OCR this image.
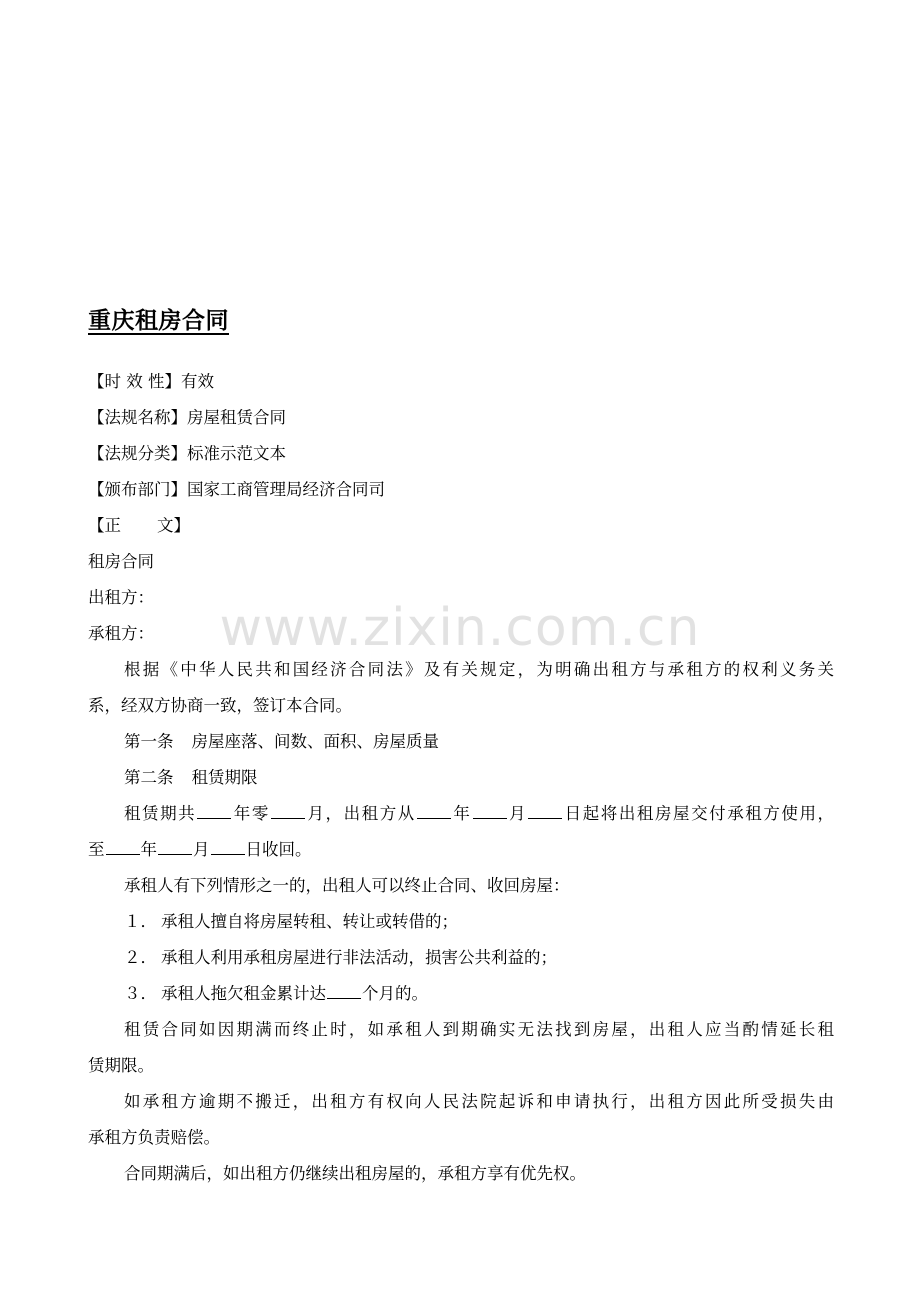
重庆租房合同
【时 效 性】有效
【法规名称】房屋租赁合同
【法规分类】标准示范文本
【颁布部门】国家工商管理局经济合同司
【正 文】
租房合同
出租方：
承租方：
根据《中华人民共和国经济合同法》及有关规定，为明确出租方与承租方的权利义务关
系，经双方协商一致，签订本合同。
第一条 房屋座落、间数、面积、房屋质量
第二条 租赁期限
租赁期共 年零 月，出租方从 年 月 日起将出租房屋交付承租方使用，
至 年 月 日收回。
承租人有下列情形之一的，出租人可以终止合同、收回房屋：
１． 承租人擅自将房屋转租、转让或转借的；
２． 承租人利用承租房屋进行非法活动，损害公共利益的；
３． 承租人拖欠租金累计达 个月的。
租赁合同如因期满而终止时，如承租人到期确实无法找到房屋，出租人应当酌情延长租
赁期限。
如承租方逾期不搬迁，出租方有权向人民法院起诉和申请执行，出租方因此所受损失由
承租方负责赔偿。
合同期满后，如出租方仍继续出租房屋的，承租方享有优先权。
www.zixin.com.cn
